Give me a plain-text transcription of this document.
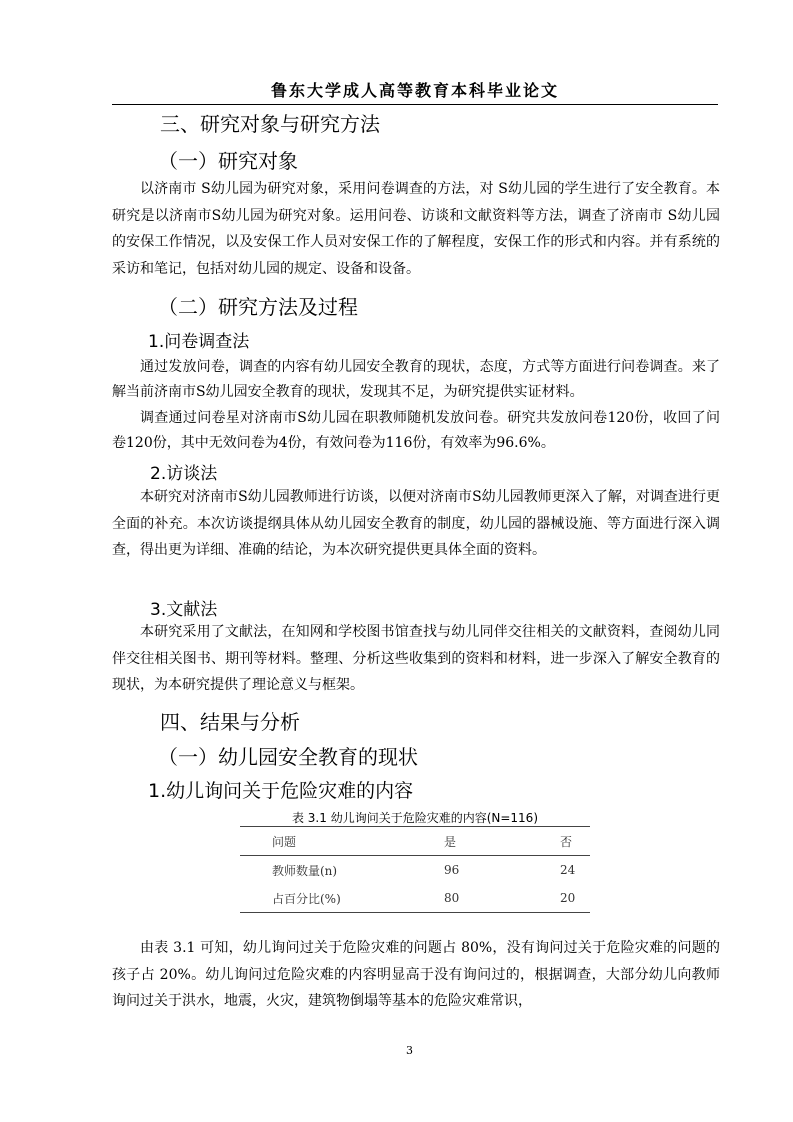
鲁东大学成人高等教育本科毕业论文
三、研究对象与研究方法
（一）研究对象

以济南市 S幼儿园为研究对象，采用问卷调查的方法，对 S幼儿园的学生进行了安全教育。本研究是以济南市S幼儿园为研究对象。运用问卷、访谈和文献资料等方法，调查了济南市 S幼儿园的安保工作情况，以及安保工作人员对安保工作的了解程度，安保工作的形式和内容。并有系统的采访和笔记，包括对幼儿园的规定、设备和设备。

（二）研究方法及过程
1.问卷调查法

通过发放问卷，调查的内容有幼儿园安全教育的现状，态度，方式等方面进行问卷调查。来了解当前济南市S幼儿园安全教育的现状，发现其不足，为研究提供实证材料。

调查通过问卷星对济南市S幼儿园在职教师随机发放问卷。研究共发放问卷120份，收回了问卷120份，其中无效问卷为4份，有效问卷为116份，有效率为96.6%。

2.访谈法

本研究对济南市S幼儿园教师进行访谈，以便对济南市S幼儿园教师更深入了解，对调查进行更全面的补充。本次访谈提纲具体从幼儿园安全教育的制度，幼儿园的器械设施、等方面进行深入调查，得出更为详细、准确的结论，为本次研究提供更具体全面的资料。

3.文献法

本研究采用了文献法，在知网和学校图书馆查找与幼儿同伴交往相关的文献资料，查阅幼儿同伴交往相关图书、期刊等材料。整理、分析这些收集到的资料和材料，进一步深入了解安全教育的现状，为本研究提供了理论意义与框架。

四、结果与分析
（一）幼儿园安全教育的现状
1.幼儿询问关于危险灾难的内容
表 3.1 幼儿询问关于危险灾难的内容(N=116)
问题	是	否
教师数量(n)	96	24
占百分比(%)	80	20

由表 3.1 可知，幼儿询问过关于危险灾难的问题占 80%，没有询问过关于危险灾难的问题的孩子占 20%。幼儿询问过危险灾难的内容明显高于没有询问过的，根据调查，大部分幼儿向教师询问过关于洪水，地震，火灾，建筑物倒塌等基本的危险灾难常识，

3
